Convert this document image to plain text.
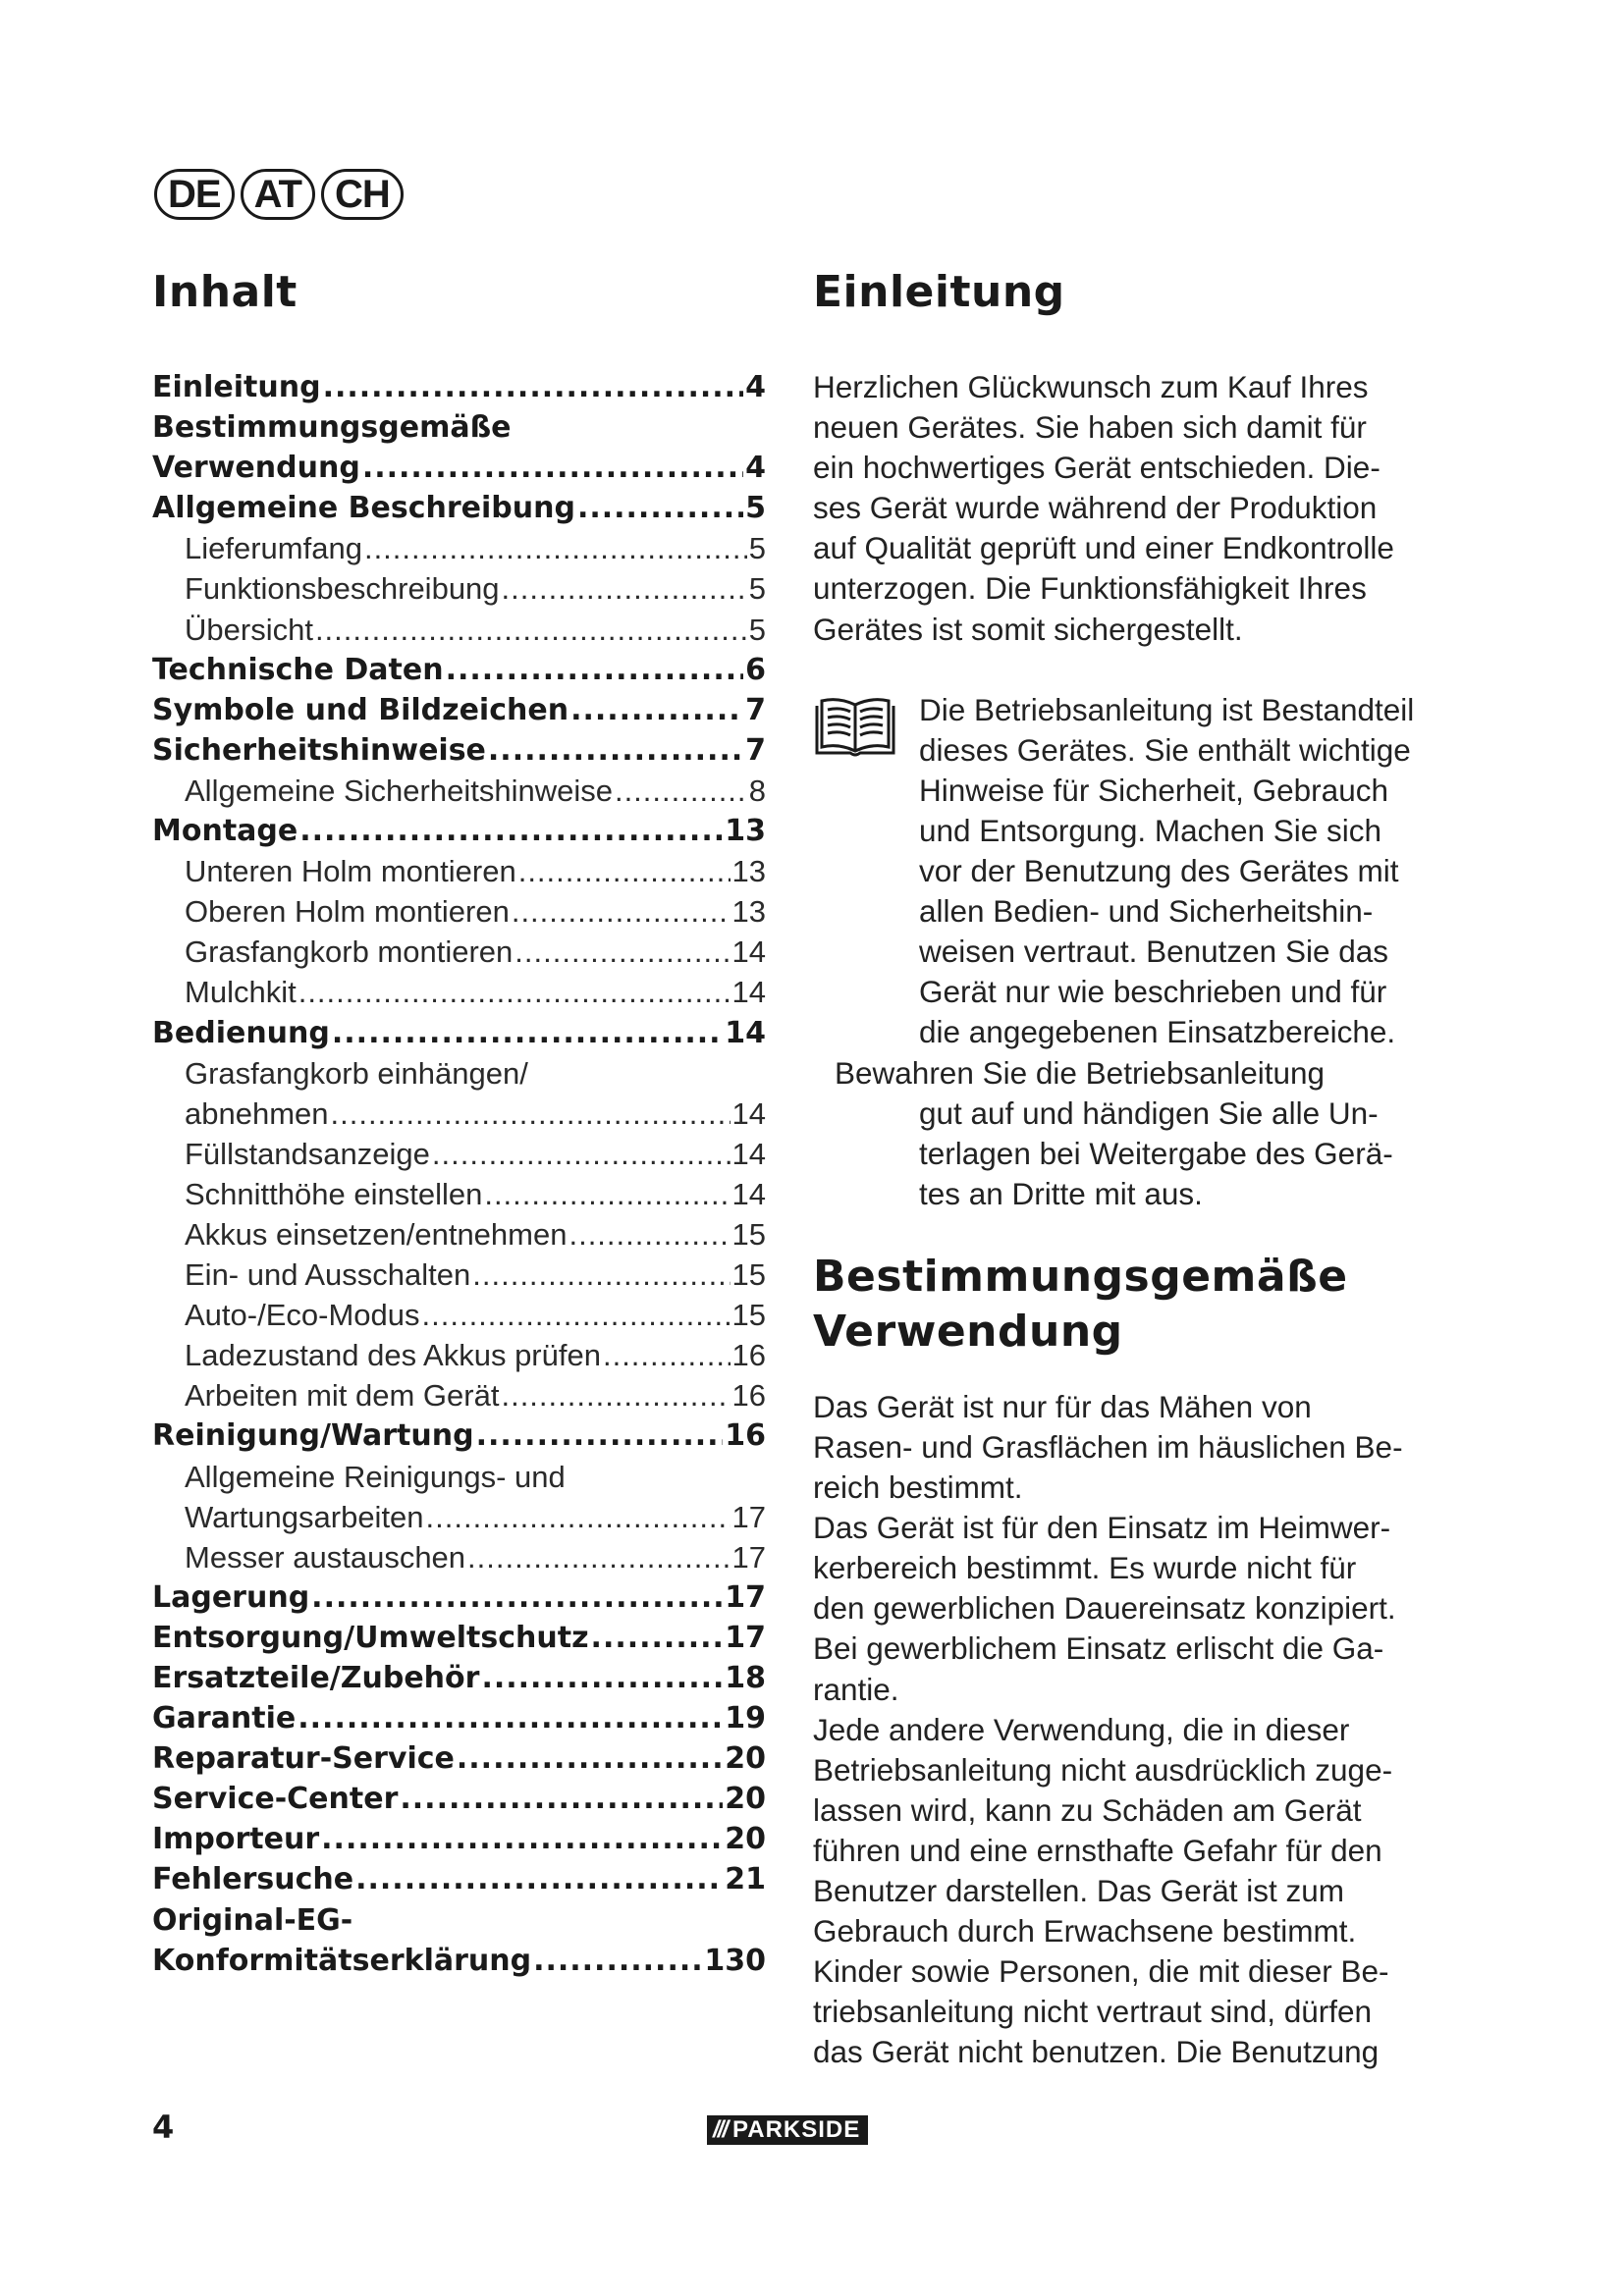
DE AT CH
Inhalt
Einleitung .....	4
Bestimmungsgemäße
Verwendung .....	4
Allgemeine Beschreibung .....	5
Lieferumfang .....	5
Funktionsbeschreibung .....	5
Übersicht .....	5
Technische Daten .....	6
Symbole und Bildzeichen .....	7
Sicherheitshinweise .....	7
Allgemeine Sicherheitshinweise .....	8
Montage .....	13
Unteren Holm montieren .....	13
Oberen Holm montieren .....	13
Grasfangkorb montieren .....	14
Mulchkit .....	14
Bedienung .....	14
Grasfangkorb einhängen/
abnehmen .....	14
Füllstandsanzeige .....	14
Schnitthöhe einstellen .....	14
Akkus einsetzen/entnehmen .....	15
Ein- und Ausschalten .....	15
Auto-/Eco-Modus .....	15
Ladezustand des Akkus prüfen .....	16
Arbeiten mit dem Gerät .....	16
Reinigung/Wartung .....	16
Allgemeine Reinigungs- und
Wartungsarbeiten .....	17
Messer austauschen .....	17
Lagerung .....	17
Entsorgung/Umweltschutz .....	17
Ersatzteile/Zubehör .....	18
Garantie .....	19
Reparatur-Service .....	20
Service-Center .....	20
Importeur .....	20
Fehlersuche .....	21
Original-EG-
Konformitätserklärung .....	130
Einleitung

Herzlichen Glückwunsch zum Kauf Ihres

neuen Gerätes. Sie haben sich damit für

ein hochwertiges Gerät entschieden. Die-

ses Gerät wurde während der Produktion

auf Qualität geprüft und einer Endkontrolle

unterzogen. Die Funktionsfähigkeit Ihres

Gerätes ist somit sichergestellt.

Die Betriebsanleitung ist Bestandteil

dieses Gerätes. Sie enthält wichtige

Hinweise für Sicherheit, Gebrauch

und Entsorgung. Machen Sie sich

vor der Benutzung des Gerätes mit

allen Bedien- und Sicherheitshin-

weisen vertraut. Benutzen Sie das

Gerät nur wie beschrieben und für

die angegebenen Einsatzbereiche.

Bewahren Sie die Betriebsanleitung

gut auf und händigen Sie alle Un-

terlagen bei Weitergabe des Gerä-

tes an Dritte mit aus.

Bestimmungsgemäße
Verwendung

Das Gerät ist nur für das Mähen von

Rasen- und Grasflächen im häuslichen Be-

reich bestimmt.

Das Gerät ist für den Einsatz im Heimwer-

kerbereich bestimmt. Es wurde nicht für

den gewerblichen Dauereinsatz konzipiert.

Bei gewerblichem Einsatz erlischt die Ga-

rantie.

Jede andere Verwendung, die in dieser

Betriebsanleitung nicht ausdrücklich zuge-

lassen wird, kann zu Schäden am Gerät

führen und eine ernsthafte Gefahr für den

Benutzer darstellen. Das Gerät ist zum

Gebrauch durch Erwachsene bestimmt.

Kinder sowie Personen, die mit dieser Be-

triebsanleitung nicht vertraut sind, dürfen

das Gerät nicht benutzen. Die Benutzung

4	/// PARKSIDE
